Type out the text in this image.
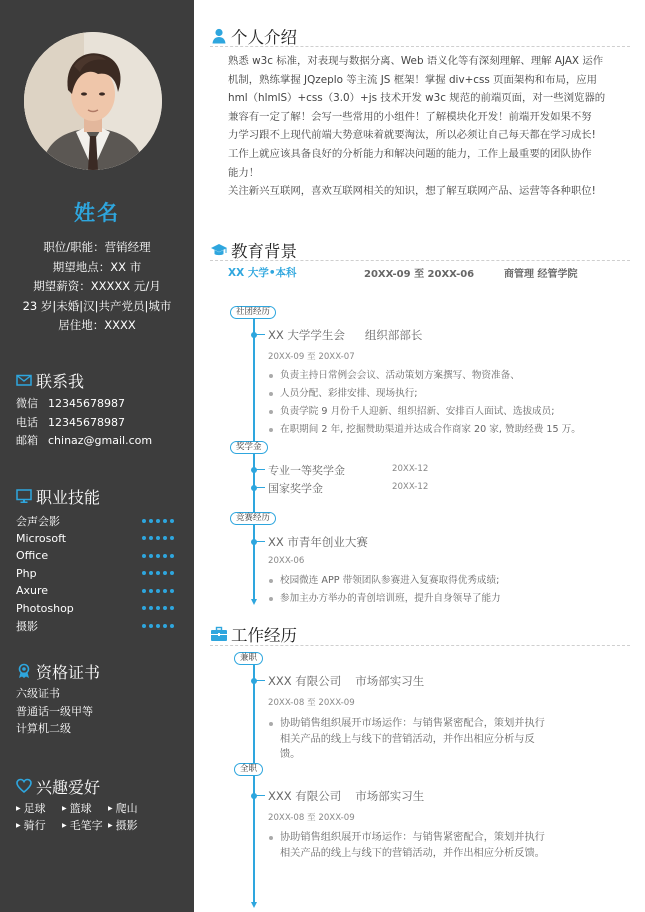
姓名
职位/职能：营销经理
期望地点：XX 市
期望薪资：XXXXX 元/月
23 岁|未婚|汉|共产党员|城市
居住地：XXXX
联系我
微信 12345678987
电话 12345678987
邮箱 chinaz@gmail.com
职业技能
会声会影
Microsoft
Office
Php
Axure
Photoshop
摄影
资格证书
六级证书
普通话一级甲等
计算机二级
兴趣爱好
▶ 足球	▶ 篮球	▶ 爬山
▶ 骑行	▶ 毛笔字 ▶ 摄影
个人介绍
熟悉 w3c 标准，对表现与数据分离、Web 语义化等有深刻理解、理解 AJAX 运作
机制，熟练掌握 JQzeplo 等主流 JS 框架！掌握 div+css 页面架构和布局，应用
hml（hlmlS）+css（3.0）+js 技术开发 w3c 规范的前端页面，对一些浏览器的
兼容有一定了解！会写一些常用的小组件！了解模块化开发！前端开发如果不努
力学习跟不上现代前端大势意味着就要淘汰，所以必须让自己每天都在学习成长!
工作上就应该具备良好的分析能力和解决问题的能力，工作上最重要的团队协作
能力！
关注新兴互联网，喜欢互联网相关的知识，想了解互联网产品、运营等各种职位!
教育背景
XX 大学•本科	20XX-09 至 20XX-06	商管理 经管学院
社团经历
XX 大学学生会 组织部部长
20XX-09 至 20XX-07
负责主持日常例会会议、活动策划方案撰写、物资准备、
人员分配、彩排安排、现场执行;
负责学院 9 月份千人迎新、组织招新、安排百人面试、选拔成员;
在职期间 2 年, 挖掘赞助渠道并达成合作商家 20 家, 赞助经费 15 万。
奖学金
专业一等奖学金	20XX-12
国家奖学金	20XX-12
竞赛经历
XX 市青年创业大赛
20XX-06
校园微连 APP 带领团队参赛进入复赛取得优秀成绩;
参加主办方举办的青创培训班，提升自身领导了能力
工作经历
兼职
XXX 有限公司 市场部实习生
20XX-08 至 20XX-09
协助销售组织展开市场运作：与销售紧密配合，策划并执行
相关产品的线上与线下的营销活动，并作出相应分析与反
馈。
全职
XXX 有限公司 市场部实习生
20XX-08 至 20XX-09
协助销售组织展开市场运作：与销售紧密配合，策划并执行
相关产品的线上与线下的营销活动，并作出相应分析反馈。
